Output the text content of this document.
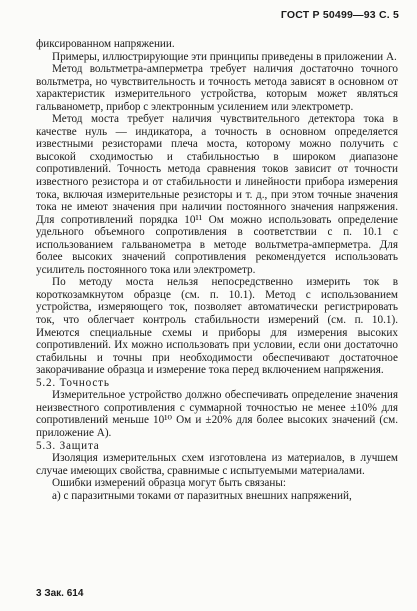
ГОСТ Р 50499—93 С. 5

фиксированном напряжении.

Примеры, иллюстрирующие эти принципы приведены в приложении А.

Метод вольтметра-амперметра требует наличия достаточно точного вольтметра, но чувствительность и точность метода зависят в основном от характеристик измерительного устройства, которым может являться гальванометр, прибор с электронным усилением или электрометр.

Метод моста требует наличия чувствительного детектора тока в качестве нуль — индикатора, а точность в основном определяется известными резисторами плеча моста, которому можно получить с высокой сходимостью и стабильностью в широком диапазоне сопротивлений. Точность метода сравнения токов зависит от точности известного резистора и от стабильности и линейности прибора измерения тока, включая измерительные резисторы и т. д., при этом точные значения тока не имеют значения при наличии постоянного значения напряжения. Для сопротивлений порядка 10¹¹ Ом можно использовать определение удельного объемного сопротивления в соответствии с п. 10.1 с использованием гальванометра в методе вольтметра-амперметра. Для более высоких значений сопротивления рекомендуется использовать усилитель постоянного тока или электрометр.

По методу моста нельзя непосредственно измерить ток в короткозамкнутом образце (см. п. 10.1). Метод с использованием устройства, измеряющего ток, позволяет автоматически регистрировать ток, что облегчает контроль стабильности измерений (см. п. 10.1). Имеются специальные схемы и приборы для измерения высоких сопротивлений. Их можно использовать при условии, если они достаточно стабильны и точны при необходимости обеспечивают достаточное закорачивание образца и измерение тока перед включением напряжения.

5.2. Точность

Измерительное устройство должно обеспечивать определение значения неизвестного сопротивления с суммарной точностью не менее ±10% для сопротивлений меньше 10¹⁰ Ом и ±20% для более высоких значений (см. приложение А).

5.3. Защита

Изоляция измерительных схем изготовлена из материалов, в лучшем случае имеющих свойства, сравнимые с испытуемыми материалами.

Ошибки измерений образца могут быть связаны:

а) с паразитными токами от паразитных внешних напряжений,

3 Зак. 614
